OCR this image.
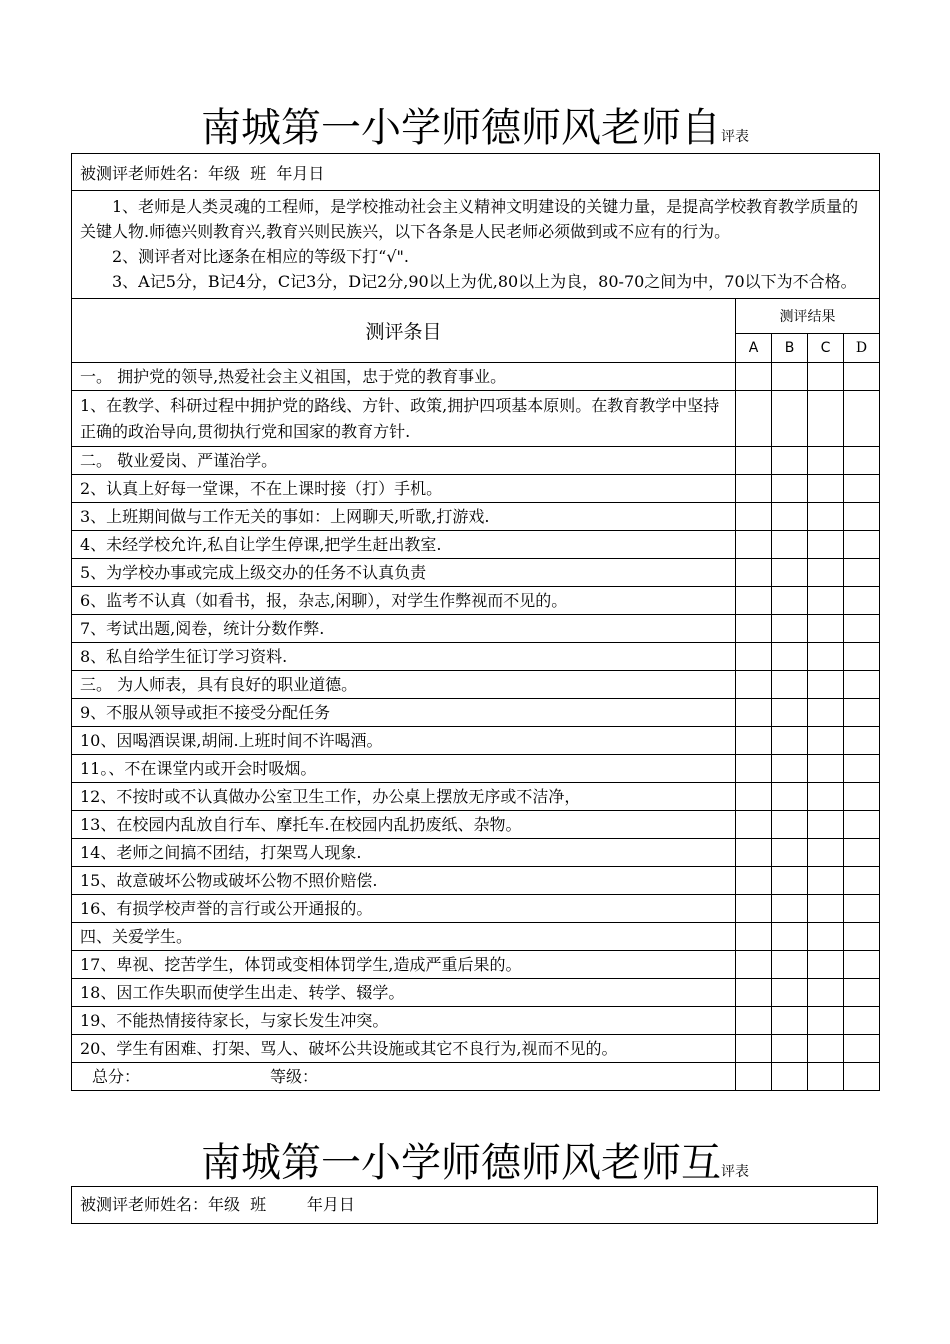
南城第一小学师德师风老师自评表
被测评老师姓名：年级  班  年月日				

1、老师是人类灵魂的工程师，是学校推动社会主义精神文明建设的关键力量，是提高学校教育教学质量的关键人物.师德兴则教育兴,教育兴则民族兴，以下各条是人民老师必须做到或不应有的行为。

2、测评者对比逐条在相应的等级下打“√".

3、A记5分，B记4分，C记3分，D记2分,90以上为优,80以上为良，80-70之间为中，70以下为不合格。				

测评条目	测评结果			
	A	B	C	D
一。 拥护党的领导,热爱社会主义祖国，忠于党的教育事业。				
1、在教学、科研过程中拥护党的路线、方针、政策,拥护四项基本原则。在教育教学中坚持正确的政治导向,贯彻执行党和国家的教育方针.				
二。 敬业爱岗、严谨治学。				
2、认真上好每一堂课，不在上课时接（打）手机。				
3、上班期间做与工作无关的事如：上网聊天,听歌,打游戏.				
4、未经学校允许,私自让学生停课,把学生赶出教室.				
5、为学校办事或完成上级交办的任务不认真负责				
6、监考不认真（如看书，报，杂志,闲聊），对学生作弊视而不见的。				
7、考试出题,阅卷，统计分数作弊.				
8、私自给学生征订学习资料.				
三。 为人师表，具有良好的职业道德。				
9、不服从领导或拒不接受分配任务				
10、因喝酒误课,胡闹.上班时间不许喝酒。				
11。、不在课堂内或开会时吸烟。				
12、不按时或不认真做办公室卫生工作，办公桌上摆放无序或不洁净，				
13、在校园内乱放自行车、摩托车.在校园内乱扔废纸、杂物。				
14、老师之间搞不团结，打架骂人现象.				
15、故意破坏公物或破坏公物不照价赔偿.				
16、有损学校声誉的言行或公开通报的。				
四、关爱学生。				
17、卑视、挖苦学生，体罚或变相体罚学生,造成严重后果的。				
18、因工作失职而使学生出走、转学、辍学。				
19、不能热情接待家长，与家长发生冲突。				
20、学生有困难、打架、骂人、破坏公共设施或其它不良行为,视而不见的。				
总分： 等级：				
南城第一小学师德师风老师互评表
被测评老师姓名：年级  班        年月日
